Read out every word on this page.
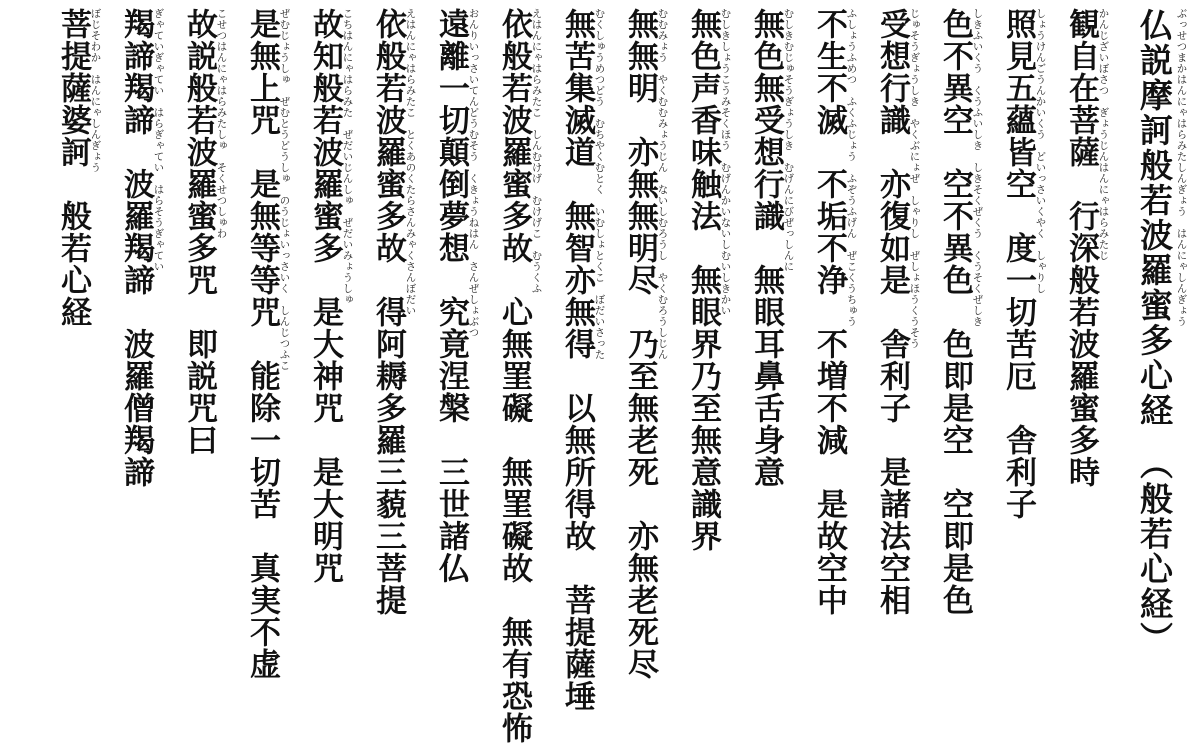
仏説摩訶般若波羅蜜多心経　（般若心経） ぶっせつまかはんにゃはらみたしんぎょう　はんにゃしんぎょう
観自在菩薩　行深般若波羅蜜多時
かんじざいぼさつ　ぎょうじんはんにゃはらみたじ
照見五蘊皆空　度一切苦厄　舎利子
しょうけんごうんかいくう　どいっさいくやく　しゃりし
色不異空　空不異色　色即是空　空即是色
しきふいくう　くうふいしき　しきそくぜくう　くうそくぜしき
受想行識　亦復如是　舎利子　是諸法空相
じゅそうぎょうしき　やくぶにょぜ　しゃりし　ぜしょほうくうそう
不生不滅　不垢不浄　不増不減　是故空中
ふしょうふめつ　ふくふじょう　ふぞうふげん　ぜこくうちゅう
無色無受想行識　無眼耳鼻舌身意
むしきむじゅそうぎょうしき　むげんにびぜっしんに
無色声香味触法　無眼界乃至無意識界
むしきしょうこうみそくほう　むげんかいないしむいしきかい
無無明　亦無無明尽　乃至無老死　亦無老死尽
むむみょう　やくむむみょうじん　ないしむろうし　やくむろうしじん
無苦集滅道　無智亦無得　以無所得故　菩提薩埵
むくしゅうめつどう　むちやくむとく　いむしょとくこ　ぼだいさった
依般若波羅蜜多故　心無罣礙　無罣礙故　無有恐怖
えはんにゃはらみたこ　しんむけげ　むけげこ　むうくふ
遠離一切顛倒夢想　究竟涅槃　三世諸仏
おんりいっさいてんどうむそう　くきょうねはん　さんぜしょぶつ
依般若波羅蜜多故　得阿耨多羅三藐三菩提
えはんにゃはらみたこ　とくあのくたらさんみゃくさんぼだい
故知般若波羅蜜多　是大神咒　是大明咒
こちはんにゃはらみた　ぜだいじんしゅ　ぜだいみょうしゅ
是無上咒　是無等等咒　能除一切苦　真実不虚
ぜむじょうしゅ　ぜむとうどうしゅ　のうじょいっさいく　しんじつふこ
故説般若波羅蜜多咒　即説咒曰
こせつはんにゃはらみたしゅ　そくせつしゅわ
羯諦羯諦　波羅羯諦　波羅僧羯諦
ぎゃていぎゃてい　はらぎゃてい　はらそうぎゃてい
菩提薩婆訶　般若心経
ぼじそわか　はんにゃしんぎょう
